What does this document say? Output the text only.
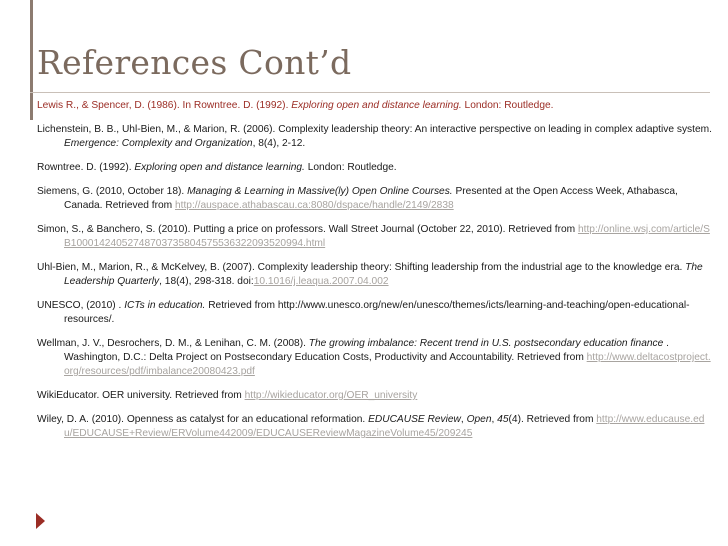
References Cont’d

Lewis R., & Spencer, D. (1986). In Rowntree. D. (1992). Exploring open and distance learning. London: Routledge.

Lichenstein, B. B., Uhl-Bien, M., & Marion, R. (2006). Complexity leadership theory: An interactive perspective on leading in complex adaptive system. Emergence: Complexity and Organization, 8(4), 2-12.

Rowntree. D. (1992). Exploring open and distance learning. London: Routledge.

Siemens, G. (2010, October 18). Managing & Learning in Massive(ly) Open Online Courses. Presented at the Open Access Week, Athabasca, Canada. Retrieved from http://auspace.athabascau.ca:8080/dspace/handle/2149/2838

Simon, S., & Banchero, S. (2010). Putting a price on professors. Wall Street Journal (October 22, 2010). Retrieved from http://online.wsj.com/article/SB10001424052748703735804575536322093520994.html

Uhl-Bien, M., Marion, R., & McKelvey, B. (2007). Complexity leadership theory: Shifting leadership from the industrial age to the knowledge era. The Leadership Quarterly, 18(4), 298-318. doi:10.1016/j.leaqua.2007.04.002

UNESCO, (2010) . ICTs in education. Retrieved from http://www.unesco.org/new/en/unesco/themes/icts/learning-and-teaching/open-educational-resources/.

Wellman, J. V., Desrochers, D. M., & Lenihan, C. M. (2008). The growing imbalance: Recent trend in U.S. postsecondary education finance . Washington, D.C.: Delta Project on Postsecondary Education Costs, Productivity and Accountability. Retrieved from http://www.deltacostproject.org/resources/pdf/imbalance20080423.pdf

WikiEducator. OER university. Retrieved from http://wikieducator.org/OER_university

Wiley, D. A. (2010). Openness as catalyst for an educational reformation. EDUCAUSE Review, Open, 45(4). Retrieved from http://www.educause.edu/EDUCAUSE+Review/ERVolume442009/EDUCAUSEReviewMagazineVolume45/209245
